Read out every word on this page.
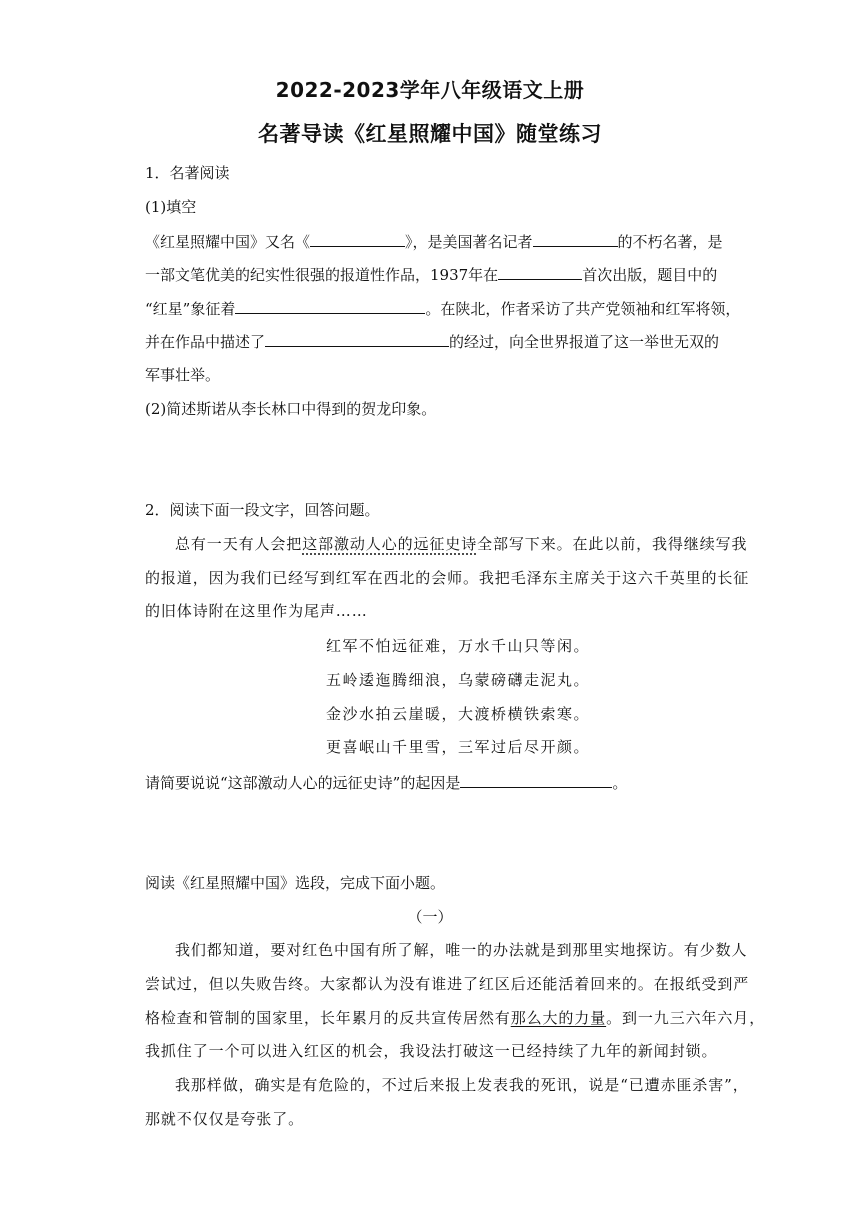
2022-2023学年八年级语文上册
名著导读《红星照耀中国》随堂练习
1．名著阅读
(1)填空
《红星照耀中国》又名《	》，是美国著名记者	的不朽名著，是
一部文笔优美的纪实性很强的报道性作品，1937年在	首次出版，题目中的
“红星”象征着	。在陕北，作者采访了共产党领袖和红军将领，
并在作品中描述了	的经过，向全世界报道了这一举世无双的
军事壮举。
(2)简述斯诺从李长林口中得到的贺龙印象。
2．阅读下面一段文字，回答问题。
总有一天有人会把这部激动人心的远征史诗全部写下来。在此以前，我得继续写我
的报道，因为我们已经写到红军在西北的会师。我把毛泽东主席关于这六千英里的长征
的旧体诗附在这里作为尾声……
红军不怕远征难，万水千山只等闲。
五岭逶迤腾细浪，乌蒙磅礴走泥丸。
金沙水拍云崖暖，大渡桥横铁索寒。
更喜岷山千里雪，三军过后尽开颜。
请简要说说“这部激动人心的远征史诗”的起因是	。
阅读《红星照耀中国》选段，完成下面小题。
（一）
我们都知道，要对红色中国有所了解，唯一的办法就是到那里实地探访。有少数人
尝试过，但以失败告终。大家都认为没有谁进了红区后还能活着回来的。在报纸受到严
格检查和管制的国家里，长年累月的反共宣传居然有那么大的力量。到一九三六年六月，
我抓住了一个可以进入红区的机会，我设法打破这一已经持续了九年的新闻封锁。
我那样做，确实是有危险的，不过后来报上发表我的死讯，说是“已遭赤匪杀害”，
那就不仅仅是夸张了。
